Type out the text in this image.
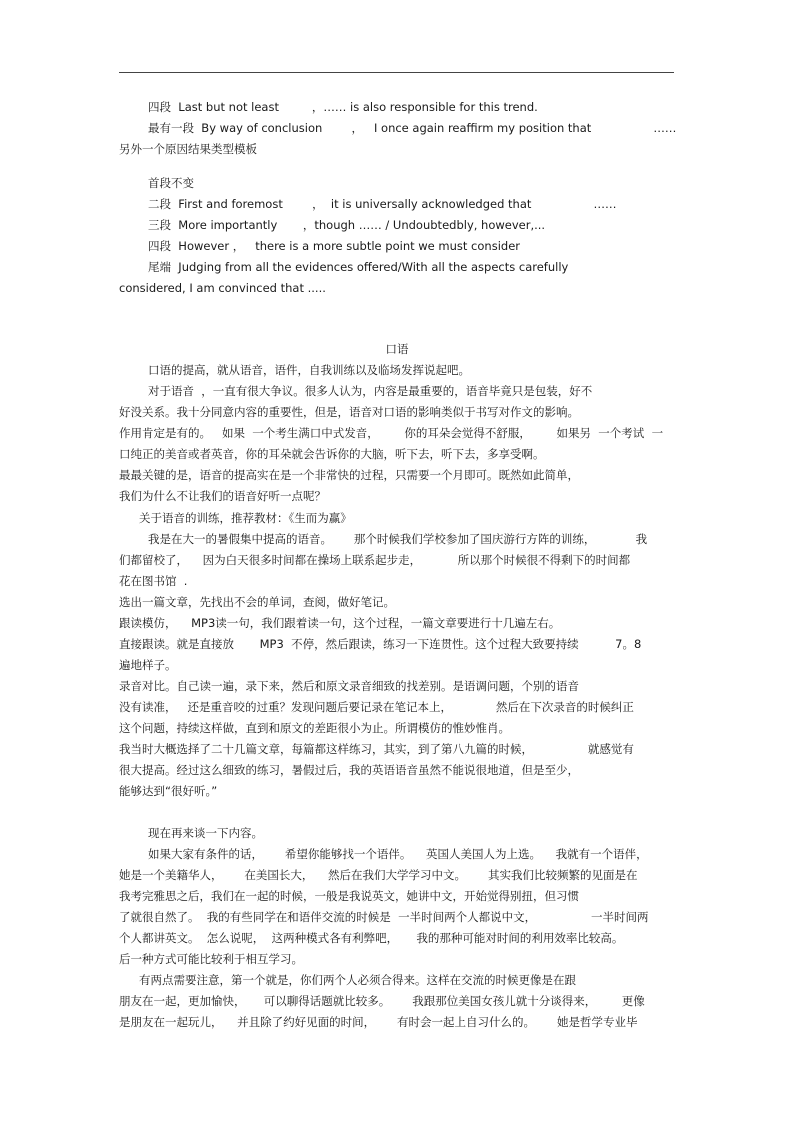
四段  Last but not least         ，…… is also responsible for this trend.
最有一段  By way of conclusion        ，   I once again reaffirm my position that                 ……
另外一个原因结果类型模板
首段不变
二段  First and foremost        ，  it is universally acknowledged that                 ……
三段  More importantly       ，though …… / Undoubtedbly, however,...
四段  However ，   there is a more subtle point we must consider
尾端  Judging from all the evidences offered/With all the aspects carefully
considered, I am convinced that .....
口语
口语的提高，就从语音，语件，自我训练以及临场发挥说起吧。
对于语音  ，一直有很大争议。很多人认为，内容是最重要的，语音毕竟只是包装，好不
好没关系。我十分同意内容的重要性，但是，语音对口语的影响类似于书写对作文的影响。
作用肯定是有的。   如果  一个考生满口中式发音，       你的耳朵会觉得不舒服，       如果另  一个考试  一
口纯正的美音或者英音，你的耳朵就会告诉你的大脑，听下去，听下去，多享受啊。
最最关键的是，语音的提高实在是一个非常快的过程，只需要一个月即可。既然如此简单，
我们为什么不让我们的语音好听一点呢？
关于语音的训练，推荐教材：《生而为赢》
我是在大一的暑假集中提高的语音。      那个时候我们学校参加了国庆游行方阵的训练，           我
们都留校了，    因为白天很多时间都在操场上联系起步走，          所以那个时候很不得剩下的时间都
花在图书馆  .
选出一篇文章，先找出不会的单词，查阅，做好笔记。
跟读模仿，    MP3读一句，我们跟着读一句，这个过程，一篇文章要进行十几遍左右。
直接跟读。就是直接放       MP3  不停，然后跟读，练习一下连贯性。这个过程大致要持续          7。8
遍地样子。
录音对比。自己读一遍，录下来，然后和原文录音细致的找差别。是语调问题，个别的语音
没有读准，   还是重音咬的过重？发现问题后要记录在笔记本上，            然后在下次录音的时候纠正
这个问题，持续这样做，直到和原文的差距很小为止。所谓模仿的惟妙惟肖。
我当时大概选择了二十几篇文章，每篇都这样练习，其实，到了第八九篇的时候，               就感觉有
很大提高。经过这么细致的练习，暑假过后，我的英语语音虽然不能说很地道，但是至少，
能够达到“很好听。”
现在再来谈一下内容。
如果大家有条件的话，      希望你能够找一个语伴。    英国人美国人为上选。    我就有一个语伴，
她是一个美籍华人，      在美国长大，    然后在我们大学学习中文。      其实我们比较频繁的见面是在
我考完雅思之后，我们在一起的时候，一般是我说英文，她讲中文，开始觉得别扭，但习惯
了就很自然了。  我的有些同学在和语伴交流的时候是  一半时间两个人都说中文，               一半时间两
个人都讲英文。  怎么说呢，  这两种模式各有利弊吧，     我的那种可能对时间的利用效率比较高。
后一种方式可能比较利于相互学习。
有两点需要注意，第一个就是，你们两个人必须合得来。这样在交流的时候更像是在跟
朋友在一起，更加愉快，     可以聊得话题就比较多。      我跟那位美国女孩儿就十分谈得来，       更像
是朋友在一起玩儿，    并且除了约好见面的时间，      有时会一起上自习什么的。      她是哲学专业毕
